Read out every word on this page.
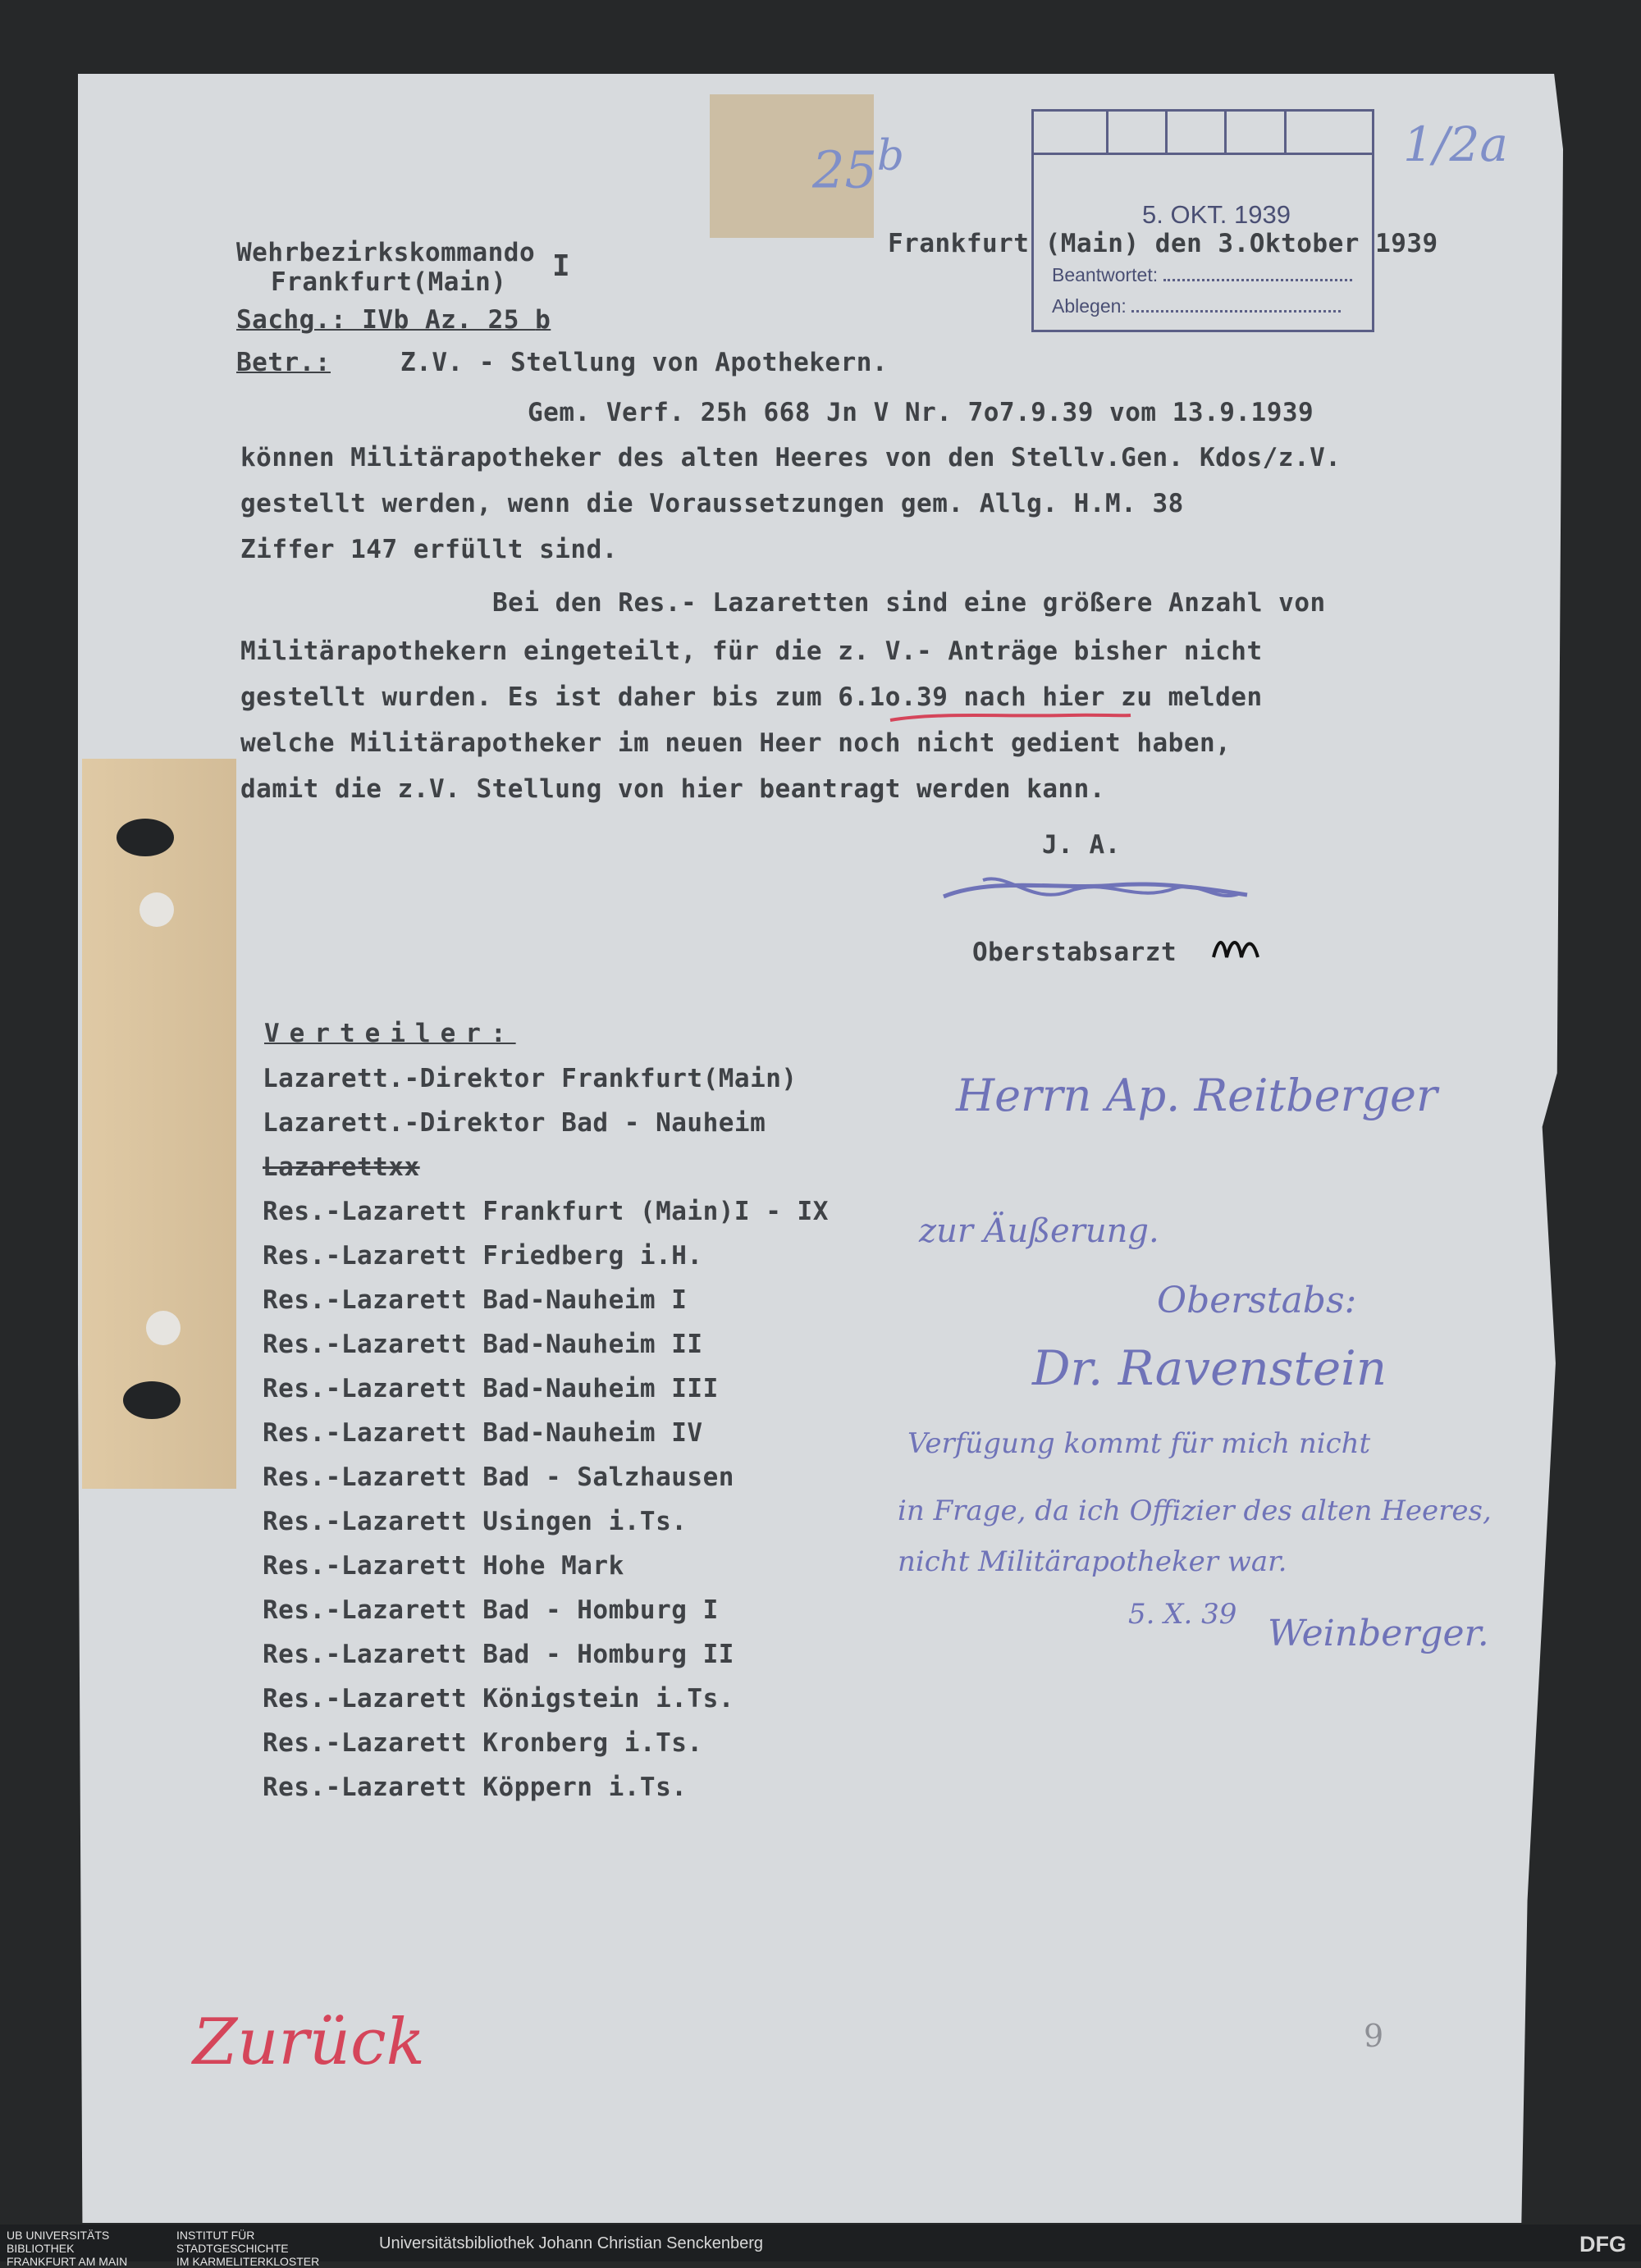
5. OKT. 1939
Beantwortet:
Ablegen:
Wehrbezirkskommando
Frankfurt(Main) I
Sachg.: IVb Az. 25 b
Betr.:	Z.V. - Stellung von Apothekern.
Frankfurt (Main) den 3.Oktober 1939
Gem. Verf. 25h 668 Jn V Nr. 7o7.9.39 vom 13.9.1939
können Militärapotheker des alten Heeres von den Stellv.Gen. Kdos/z.V.
gestellt werden, wenn die Voraussetzungen gem. Allg. H.M. 38
Ziffer 147 erfüllt sind.
Bei den Res.- Lazaretten sind eine größere Anzahl von
Militärapothekern eingeteilt, für die z. V.- Anträge bisher nicht
gestellt wurden. Es ist daher bis zum 6.1o.39 nach hier zu melden
welche Militärapotheker im neuen Heer noch nicht gedient haben,
damit die z.V. Stellung von hier beantragt werden kann.
J. A.
Oberstabsarzt
Verteiler:
Lazarett.-Direktor Frankfurt(Main)
Lazarett.-Direktor Bad - Nauheim
Lazarettxx
Res.-Lazarett Frankfurt (Main)I - IX
Res.-Lazarett Friedberg i.H.
Res.-Lazarett Bad-Nauheim I
Res.-Lazarett Bad-Nauheim II
Res.-Lazarett Bad-Nauheim III
Res.-Lazarett Bad-Nauheim IV
Res.-Lazarett Bad - Salzhausen
Res.-Lazarett Usingen i.Ts.
Res.-Lazarett Hohe Mark
Res.-Lazarett Bad - Homburg I
Res.-Lazarett Bad - Homburg II
Res.-Lazarett Königstein i.Ts.
Res.-Lazarett Kronberg i.Ts.
Res.-Lazarett Köppern i.Ts.
25$^b$	1/2a
Herrn Ap. Reitberger
zur Äußerung.
Oberstabs:
Dr. Ravenstein
Verfügung kommt für mich nicht
in Frage, da ich Offizier des alten Heeres,
nicht Militärapotheker war.
5. X. 39 Weinberger.
9
Zurück
UB UNIVERSITÄTS
BIBLIOTHEK
FRANKFURT AM MAIN
INSTITUT FÜR
STADTGESCHICHTE
IM KARMELITERKLOSTER
Universitätsbibliothek Johann Christian Senckenberg	DFG
